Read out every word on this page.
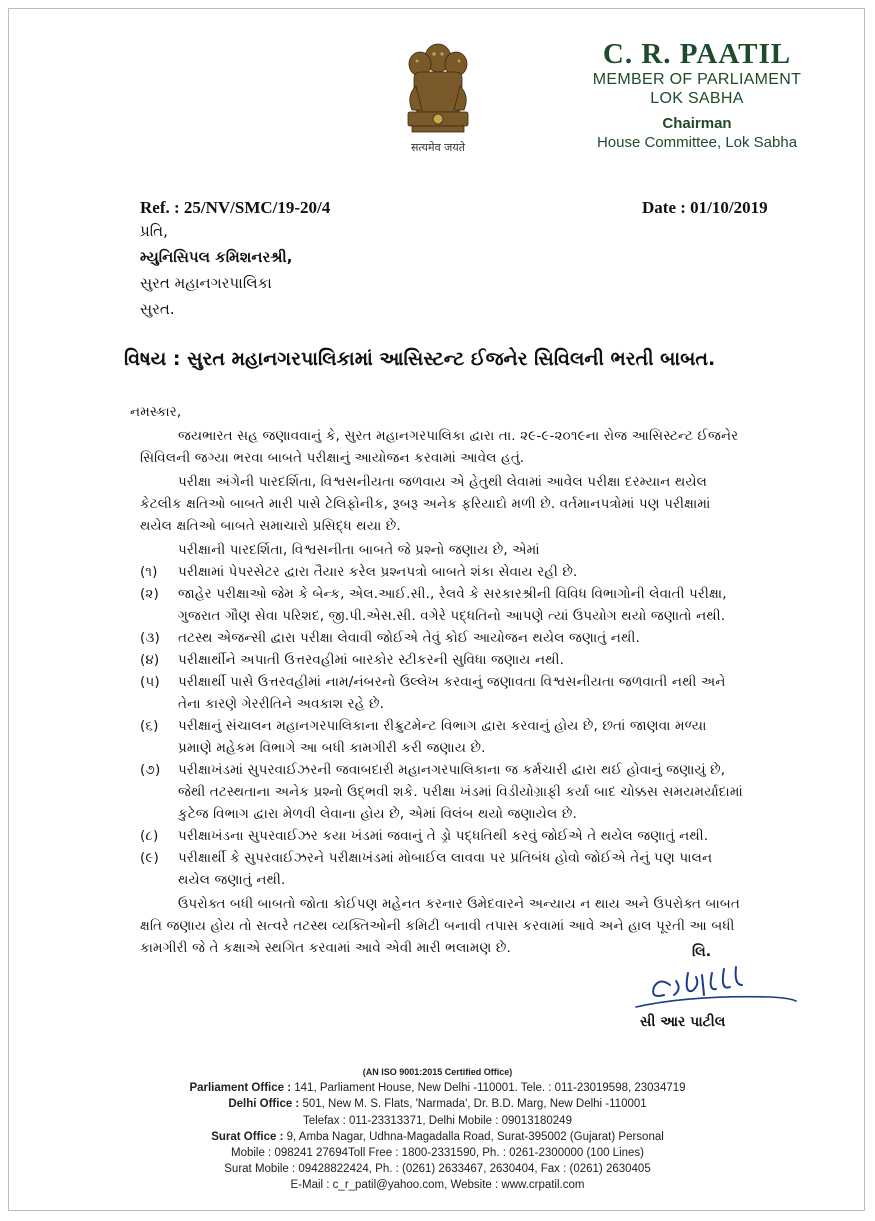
सत्यमेव जयते
C. R. PAATIL
MEMBER OF PARLIAMENT
LOK SABHA
Chairman
House Committee, Lok Sabha
Ref. : 25/NV/SMC/19-20/4	Date : 01/10/2019
પ્રતિ,
મ્યુનિસિપલ કમિશનરશ્રી,
સુરત મહાનગરપાલિકા
સુરત.
વિષય : સુરત મહાનગરપાલિકામાં આસિસ્ટન્ટ ઈજનેર સિવિલની ભરતી બાબત.
નમસ્કાર,
જયભારત સહ જણાવવાનું કે, સુરત મહાનગરપાલિકા દ્વારા તા. ૨૯-૯-૨૦૧૯ના રોજ આસિસ્ટન્ટ ઈજનેર
સિવિલની જગ્યા ભરવા બાબતે પરીક્ષાનું આયોજન કરવામાં આવેલ હતું.
પરીક્ષા અંગેની પારદર્શિતા, વિશ્વસનીયતા જળવાય એ હેતુથી લેવામાં આવેલ પરીક્ષા દરમ્યાન થયેલ
કેટલીક ક્ષતિઓ બાબતે મારી પાસે ટેલિફોનીક, રૂબરૂ અનેક ફરિયાદો મળી છે. વર્તમાનપત્રોમાં પણ પરીક્ષામાં
થયેલ ક્ષતિઓ બાબતે સમાચારો પ્રસિદ્ધ થયા છે.
પરીક્ષાની પારદર્શિતા, વિશ્વસનીતા બાબતે જે પ્રશ્નો જણાય છે, એમાં
(૧) પરીક્ષામાં પેપરસેટર દ્વારા તૈયાર કરેલ પ્રશ્નપત્રો બાબતે શંકા સેવાય રહી છે.
(૨) જાહેર પરીક્ષાઓ જેમ કે બેન્ક, એલ.આઈ.સી., રેલવે કે સરકારશ્રીની વિવિધ વિભાગોની લેવાતી પરીક્ષા,
ગુજરાત ગૌણ સેવા પરિશદ, જી.પી.એસ.સી. વગેરે પદ્ધતિનો આપણે ત્યાં ઉપયોગ થયો જણાતો નથી.
(૩) તટસ્થ એજન્સી દ્વારા પરીક્ષા લેવાવી જોઈએ તેવું કોઈ આયોજન થયેલ જણાતું નથી.
(૪) પરીક્ષાર્થીને અપાતી ઉત્તરવહીમાં બારકોર સ્ટીકરની સુવિધા જણાય નથી.
(૫) પરીક્ષાર્થી પાસે ઉત્તરવહીમાં નામ/નંબરનો ઉલ્લેખ કરવાનું જણાવતા વિશ્વસનીયતા જળવાતી નથી અને
તેના કારણે ગેરરીતિને અવકાશ રહે છે.
(૬) પરીક્ષાનું સંચાલન મહાનગરપાલિકાના રીક્રુટમેન્ટ વિભાગ દ્વારા કરવાનું હોય છે, છતાં જાણવા મળ્યા
પ્રમાણે મહેકમ વિભાગે આ બધી કામગીરી કરી જણાય છે.
(૭) પરીક્ષાખંડમાં સુપરવાઈઝરની જવાબદારી મહાનગરપાલિકાના જ કર્મચારી દ્વારા થઈ હોવાનું જણાયું છે,
જેથી તટસ્થતાના અનેક પ્રશ્નો ઉદ્ભવી શકે. પરીક્ષા ખંડમાં વિડીયોગ્રાફી કર્યા બાદ ચોક્કસ સમયમર્યાદામાં
કુટેજ વિભાગ દ્વારા મેળવી લેવાના હોય છે, એમાં વિલંબ થયો જણાયેલ છે.
(૮) પરીક્ષાખંડના સુપરવાઈઝર કયા ખંડમાં જવાનું તે ડ્રો પદ્ધતિથી કરવું જોઈએ તે થયેલ જણાતું નથી.
(૯) પરીક્ષાર્થી કે સુપરવાઈઝરને પરીક્ષાખંડમાં મોબાઈલ લાવવા પર પ્રતિબંધ હોવો જોઈએ તેનું પણ પાલન
થયેલ જણાતું નથી.
ઉપરોક્ત બધી બાબતો જોતા કોઈપણ મહેનત કરનાર ઉમેદવારને અન્યાય ન થાય અને ઉપરોક્ત બાબત
ક્ષતિ જણાય હોય તો સત્વરે તટસ્થ વ્યક્તિઓની કમિટી બનાવી તપાસ કરવામાં આવે અને હાલ પૂરતી આ બધી
કામગીરી જે તે કક્ષાએ સ્થગિત કરવામાં આવે એવી મારી ભલામણ છે.	લિ.
સી આર પાટીલ
(AN ISO 9001:2015 Certified Office)
Parliament Office : 141, Parliament House, New Delhi -110001. Tele. : 011-23019598, 23034719
Delhi Office : 501, New M. S. Flats, 'Narmada', Dr. B.D. Marg, New Delhi -110001
Telefax : 011-23313371, Delhi Mobile : 09013180249
Surat Office : 9, Amba Nagar, Udhna-Magadalla Road, Surat-395002 (Gujarat) Personal
Mobile : 098241 27694Toll Free : 1800-2331590, Ph. : 0261-2300000 (100 Lines)
Surat Mobile : 09428822424, Ph. : (0261) 2633467, 2630404, Fax : (0261) 2630405
E-Mail : c_r_patil@yahoo.com, Website : www.crpatil.com
